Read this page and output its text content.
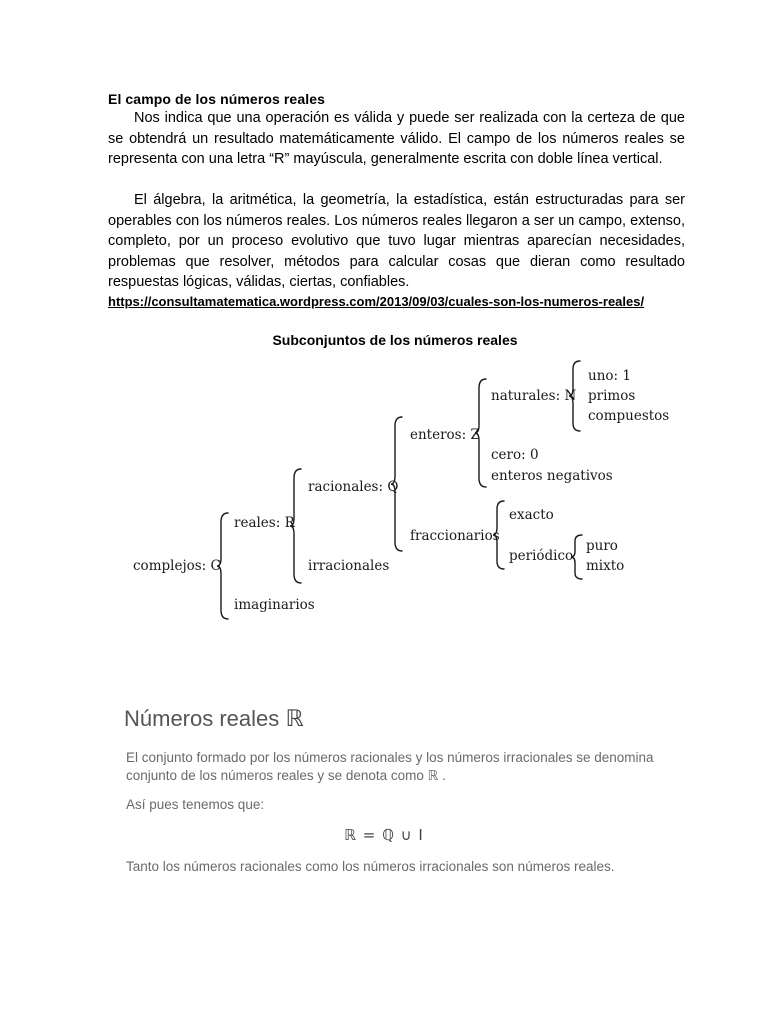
El campo de los números reales

Nos indica que una operación es válida y puede ser realizada con la certeza de que se obtendrá un resultado matemáticamente válido. El campo de los números reales se representa con una letra “R” mayúscula, generalmente escrita con doble línea vertical.

El álgebra, la aritmética, la geometría, la estadística, están estructuradas para ser operables con los números reales. Los números reales llegaron a ser un campo, extenso, completo, por un proceso evolutivo que tuvo lugar mientras aparecían necesidades, problemas que resolver, métodos para calcular cosas que dieran como resultado respuestas lógicas, válidas, ciertas, confiables.

https://consultamatematica.wordpress.com/2013/09/03/cuales-son-los-numeros-reales/
Subconjuntos de los números reales
complejos: C
reales: R
imaginarios
racionales: Q
irracionales
enteros: Z
fraccionarios
naturales: N
uno: 1
primos
compuestos
cero: 0
enteros negativos
exacto
periódico
puro
mixto
Números reales ℝ
El conjunto formado por los números racionales y los números irracionales se denomina conjunto de los números reales y se denota como ℝ .
Así pues tenemos que:
ℝ = ℚ ∪ I
Tanto los números racionales como los números irracionales son números reales.
